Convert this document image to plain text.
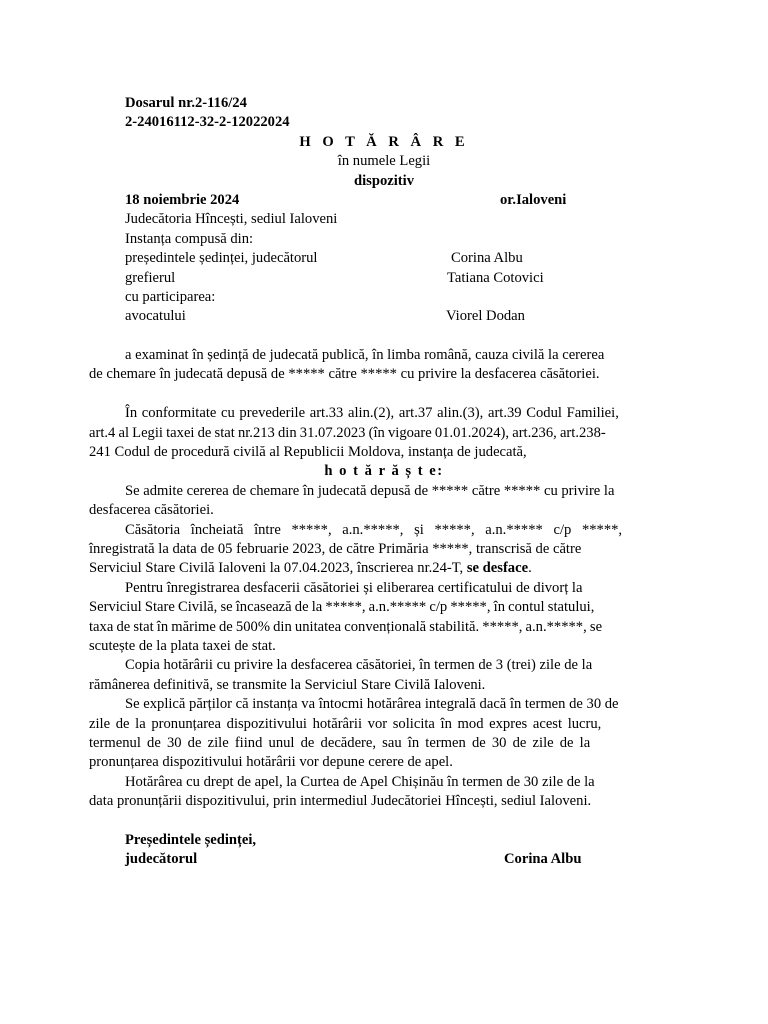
Dosarul nr.2-116/24
2-24016112-32-2-12022024
H O T Ă R Â R E
în numele Legii
dispozitiv
18 noiembrie 2024	or.Ialoveni
Judecătoria Hîncești, sediul Ialoveni
Instanța compusă din:
președintele ședinței, judecătorul	Corina Albu
grefierul	Tatiana Cotovici
cu participarea:
avocatului	Viorel Dodan
a examinat în ședință de judecată publică, în limba română, cauza civilă la cererea
de chemare în judecată depusă de ***** către ***** cu privire la desfacerea căsătoriei.
În conformitate cu prevederile art.33 alin.(2), art.37 alin.(3), art.39 Codul Familiei,
art.4 al Legii taxei de stat nr.213 din 31.07.2023 (în vigoare 01.01.2024), art.236, art.238-
241 Codul de procedură civilă al Republicii Moldova, instanța de judecată,
h o t ă r ă ș t e:
Se admite cererea de chemare în judecată depusă de ***** către ***** cu privire la
desfacerea căsătoriei.
Căsătoria încheiată între *****, a.n.*****, și *****, a.n.***** c/p *****,
înregistrată la data de 05 februarie 2023, de către Primăria *****, transcrisă de către
Serviciul Stare Civilă Ialoveni la 07.04.2023, înscrierea nr.24-T, se desface.
Pentru înregistrarea desfacerii căsătoriei și eliberarea certificatului de divorț la
Serviciul Stare Civilă, se încasează de la *****, a.n.***** c/p *****, în contul statului,
taxa de stat în mărime de 500% din unitatea convențională stabilită. *****, a.n.*****, se
scutește de la plata taxei de stat.
Copia hotărârii cu privire la desfacerea căsătoriei, în termen de 3 (trei) zile de la
rămânerea definitivă, se transmite la Serviciul Stare Civilă Ialoveni.
Se explică părților că instanța va întocmi hotărârea integrală dacă în termen de 30 de
zile de la pronunțarea dispozitivului hotărârii vor solicita în mod expres acest lucru,
termenul de 30 de zile fiind unul de decădere, sau în termen de 30 de zile de la
pronunțarea dispozitivului hotărârii vor depune cerere de apel.
Hotărârea cu drept de apel, la Curtea de Apel Chișinău în termen de 30 zile de la
data pronunțării dispozitivului, prin intermediul Judecătoriei Hîncești, sediul Ialoveni.
Președintele ședinței,
judecătorul	Corina Albu
